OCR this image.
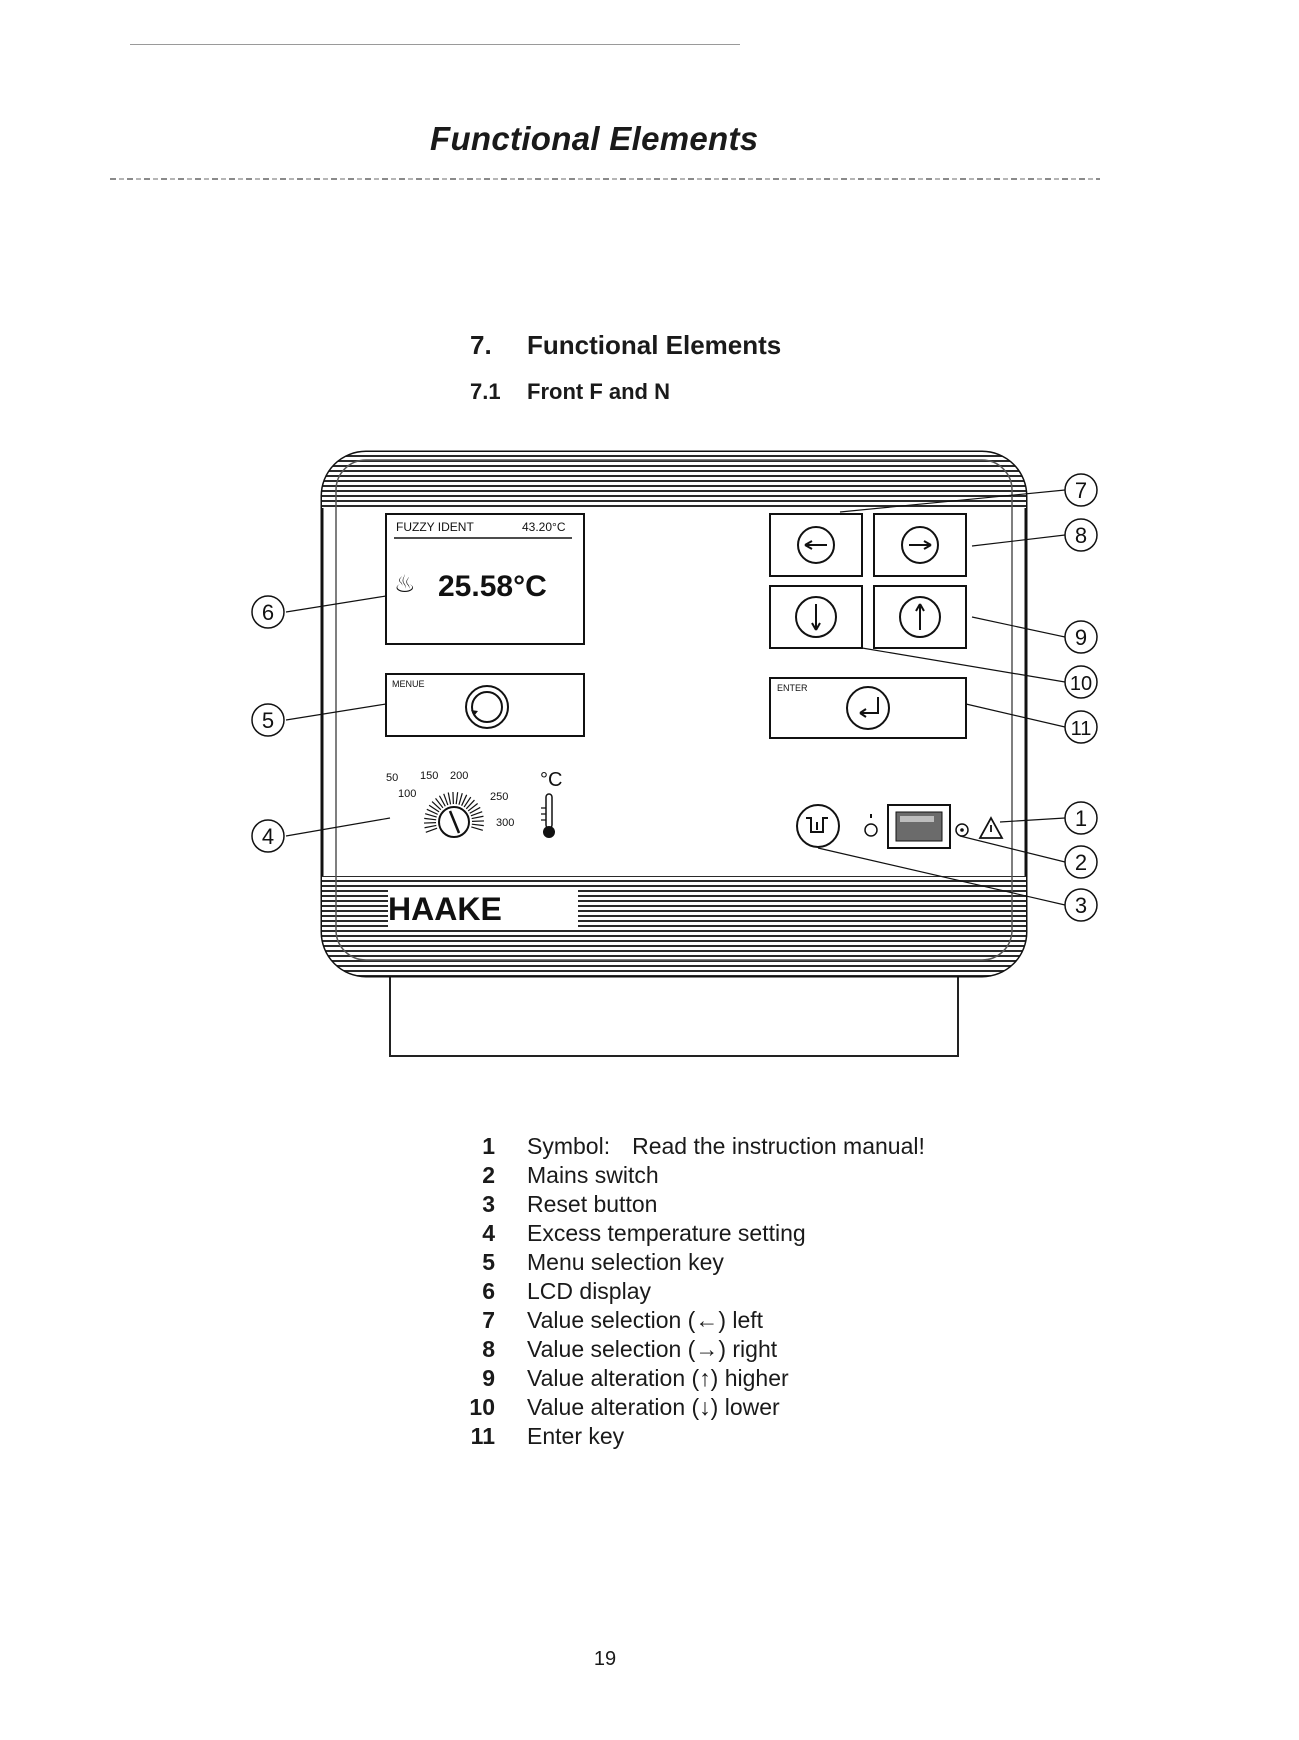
Functional Elements
7. Functional Elements
7.1 Front F and N
HAAKE
FUZZY IDENT	43.20°C
♨ 25.58°C
MENUE	ENTER
50
100
150 200
250
300
°C
7
8
9
10
11
1
2
3
6
5
4
1 Symbol: Read the instruction manual!
2 Mains switch
3 Reset button
4 Excess temperature setting
5 Menu selection key
6 LCD display
7 Value selection (←) left
8 Value selection (→) right
9 Value alteration (↑) higher
10 Value alteration (↓) lower
11 Enter key
19
